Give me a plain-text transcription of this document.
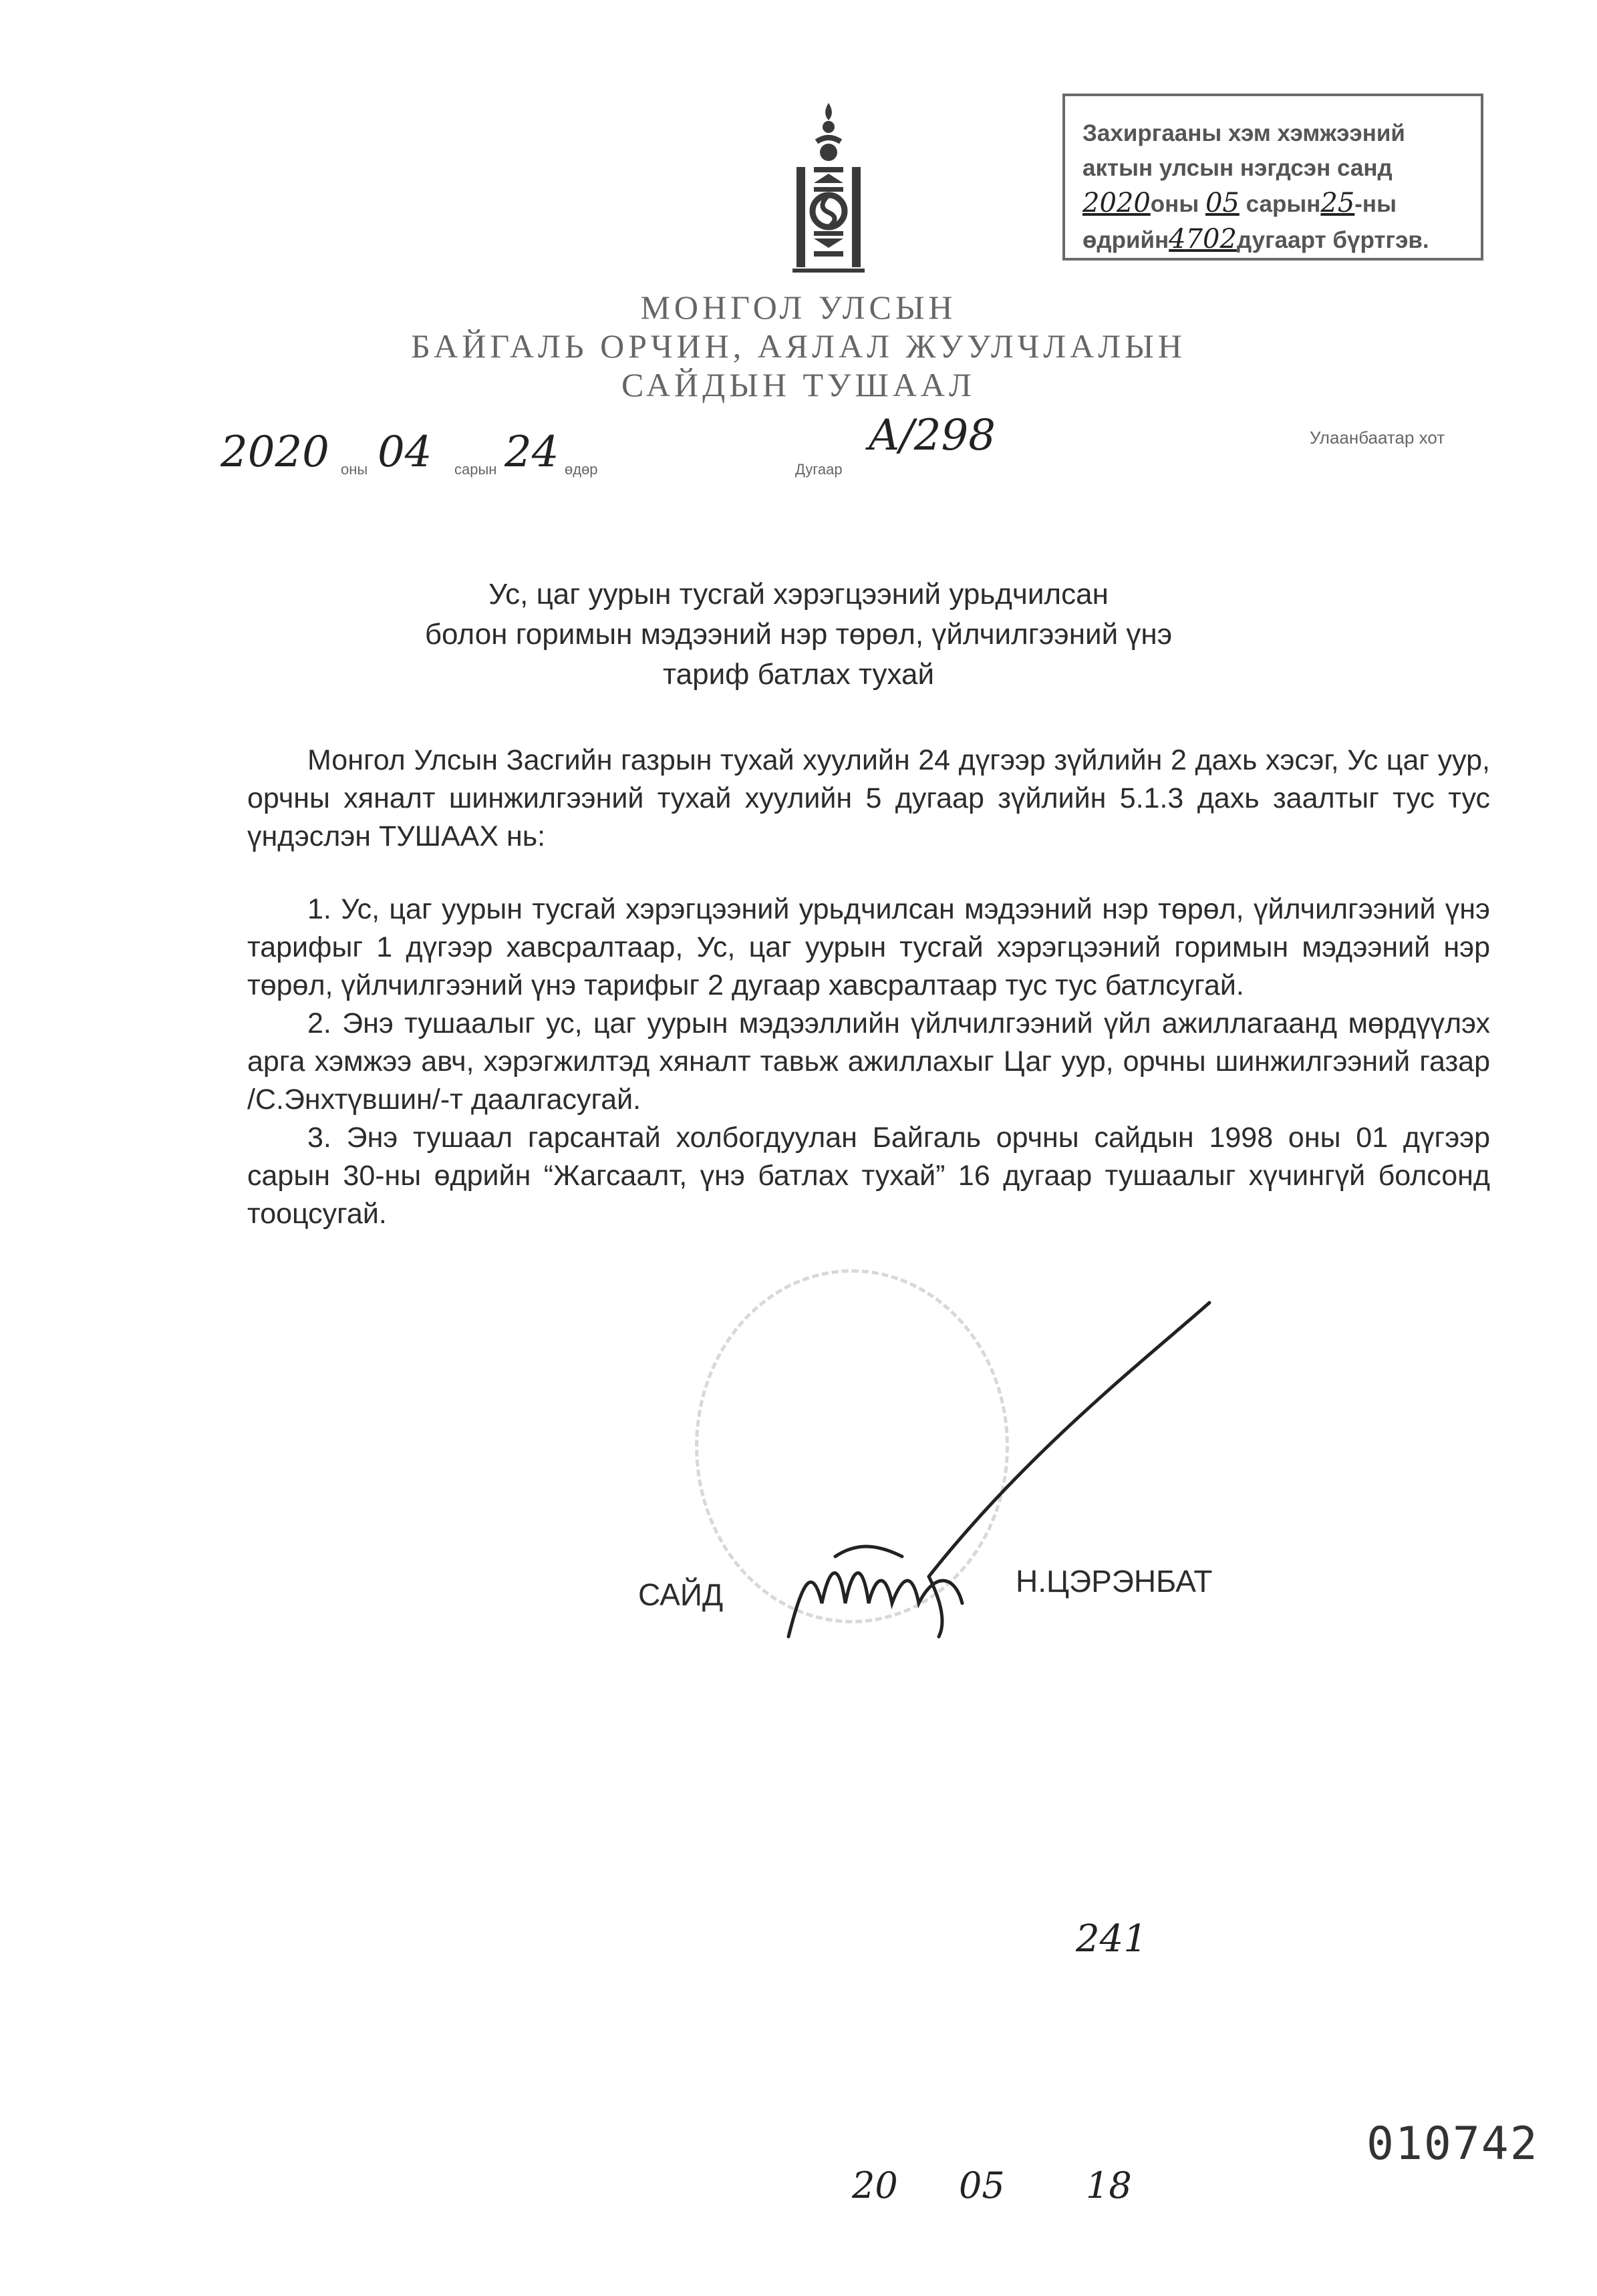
Захиргааны хэм хэмжээний
актын улсын нэгдсэн санд
2020оны 05 сарын25-ны
өдрийн4702дугаарт бүртгэв.
МОНГОЛ УЛСЫН
БАЙГАЛЬ ОРЧИН, АЯЛАЛ ЖУУЛЧЛАЛЫН
САЙДЫН ТУШААЛ
2020 оны 04 сарын 24 өдөр	Дугаар
A/298	Улаанбаатар хот
Ус, цаг уурын тусгай хэрэгцээний урьдчилсан
болон горимын мэдээний нэр төрөл, үйлчилгээний үнэ
тариф батлах тухай

Монгол Улсын Засгийн газрын тухай хуулийн 24 дүгээр зүйлийн 2 дахь хэсэг, Ус цаг уур, орчны хяналт шинжилгээний тухай хуулийн 5 дугаар зүйлийн 5.1.3 дахь заалтыг тус тус үндэслэн ТУШААХ нь:

1. Ус, цаг уурын тусгай хэрэгцээний урьдчилсан мэдээний нэр төрөл, үйлчилгээний үнэ тарифыг 1 дүгээр хавсралтаар, Ус, цаг уурын тусгай хэрэгцээний горимын мэдээний нэр төрөл, үйлчилгээний үнэ тарифыг 2 дугаар хавсралтаар тус тус батлсугай.

2. Энэ тушаалыг ус, цаг уурын мэдээллийн үйлчилгээний үйл ажиллагаанд мөрдүүлэх арга хэмжээ авч, хэрэгжилтэд хяналт тавьж ажиллахыг Цаг уур, орчны шинжилгээний газар /С.Энхтүвшин/-т даалгасугай.

3. Энэ тушаал гарсантай холбогдуулан Байгаль орчны сайдын 1998 оны 01 дүгээр сарын 30-ны өдрийн “Жагсаалт, үнэ батлах тухай” 16 дугаар тушаалыг хүчингүй болсонд тооцсугай.

САЙД	Н.ЦЭРЭНБАТ
241
20 05 18
010742
